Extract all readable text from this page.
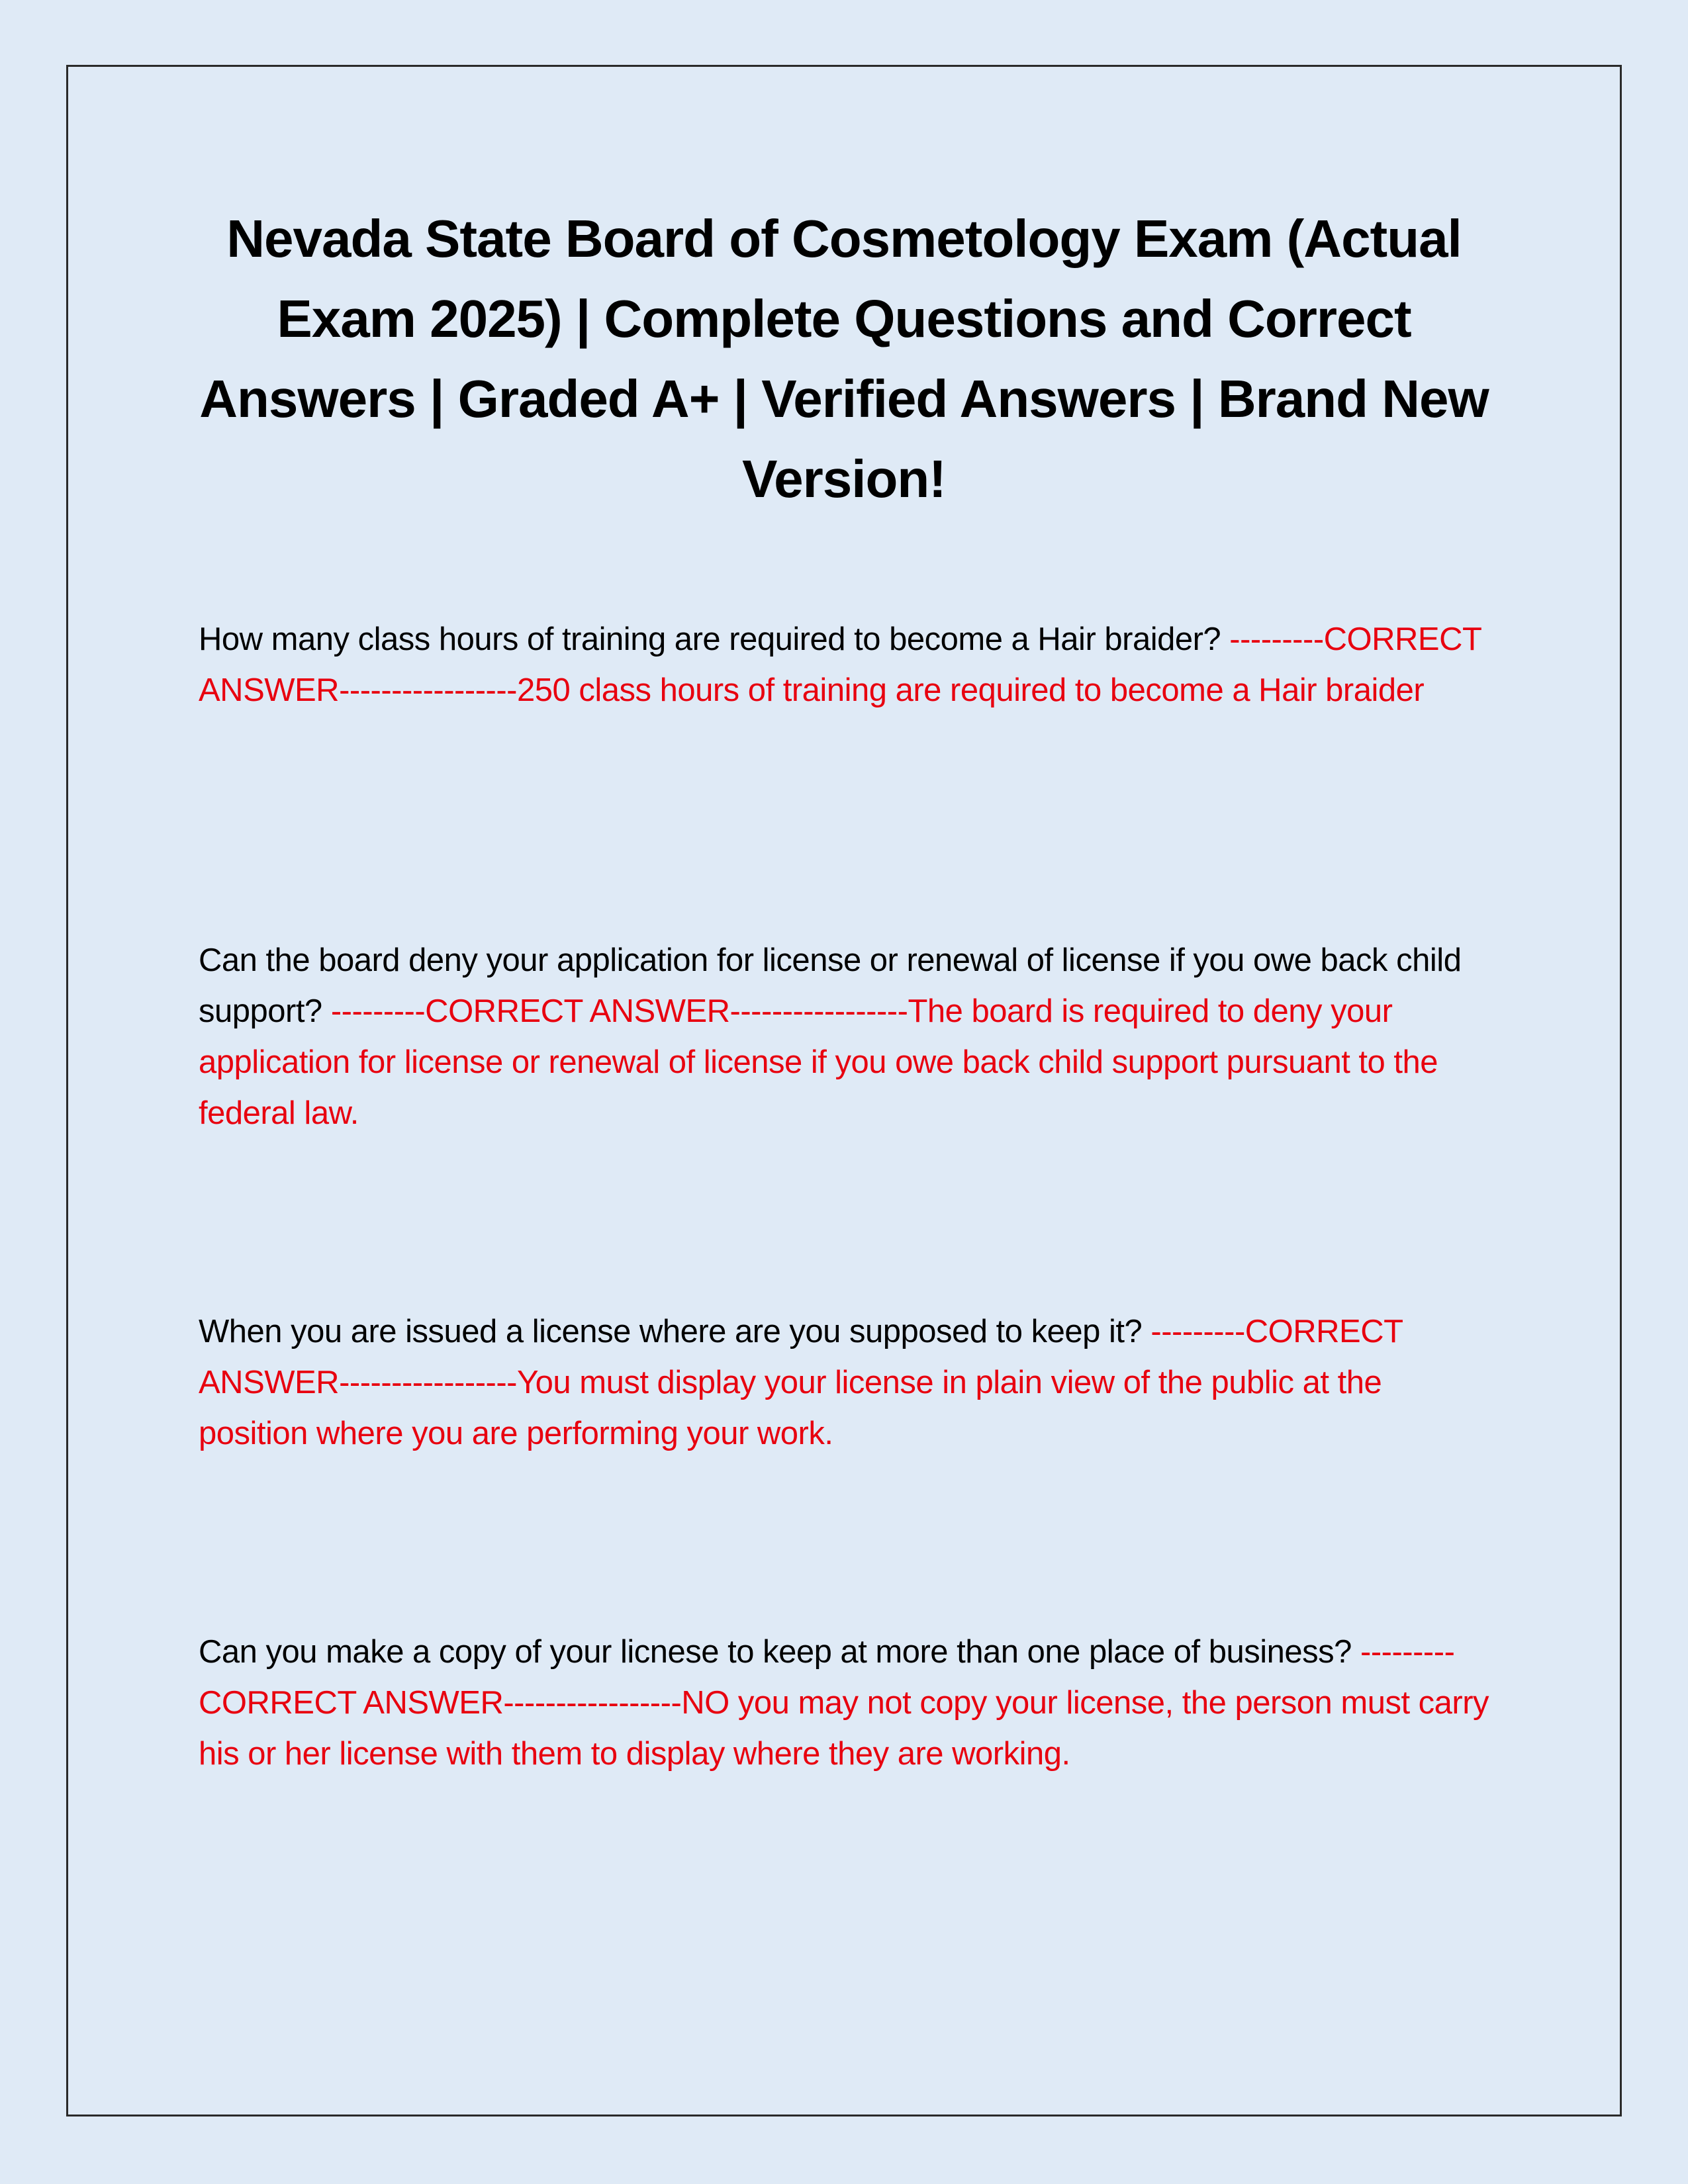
Nevada State Board of Cosmetology Exam (Actual Exam 2025) | Complete Questions and Correct Answers | Graded A+ | Verified Answers | Brand New Version!

How many class hours of training are required to become a Hair braider? ---------CORRECT ANSWER-----------------250 class hours of training are required to become a Hair braider

Can the board deny your application for license or renewal of license if you owe back child support? ---------CORRECT ANSWER-----------------The board is required to deny your application for license or renewal of license if you owe back child support pursuant to the federal law.

When you are issued a license where are you supposed to keep it? ---------CORRECT ANSWER-----------------You must display your license in plain view of the public at the position where you are performing your work.

Can you make a copy of your licnese to keep at more than one place of business? ---------CORRECT ANSWER-----------------NO you may not copy your license, the person must carry his or her license with them to display where they are working.
